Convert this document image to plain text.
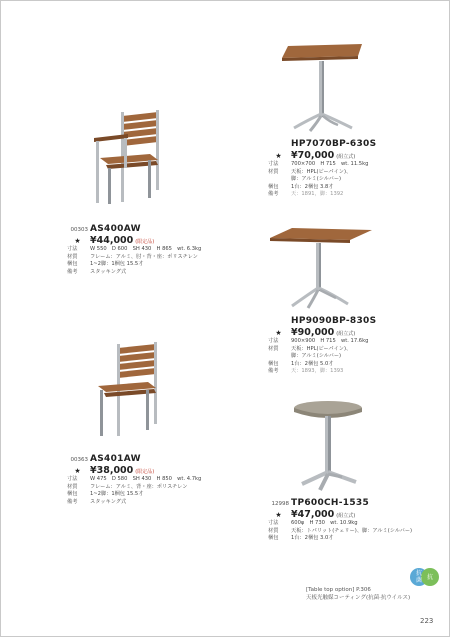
HP7070BP-630S
★ ¥70,000 (組立式)
寸法	700×700　H 715　wt. 11.5kg
材質	天板：HPL(ビーパイン)、
脚：アルミ(シルバー)
梱包	1台：2梱包 3.8才
備考	天：1891，脚：1392
00303 AS400AW
★ ¥44,000 (限定品)
寸法	W 550　D 600　SH 430　H 865　wt. 6.3kg
材質	フレーム：アルミ、肘・背・座：ポリスチレン
梱包	1~2脚：1梱包 15.5才
備考	スタッキング式
HP9090BP-830S
★ ¥90,000 (組立式)
寸法	900×900　H 715　wt. 17.6kg
材質	天板：HPL(ビーパイン)、
脚：アルミ(シルバー)
梱包	1台：2梱包 5.0才
備考	天：1893，脚：1393
00363 AS401AW
★ ¥38,000 (限定品)
寸法	W 475　D 580　SH 430　H 850　wt. 4.7kg
材質	フレーム：アルミ、背・座：ポリスチレン
梱包	1~2脚：1梱包 15.5才
備考	スタッキング式	12998 TP600CH-1535
★ ¥47,000 (組立式)
寸法	600φ　H 730　wt. 10.9kg
材質	天板：トパリット(チェリー)、脚：アルミ(シルバー)
梱包	1台：2梱包 3.0才
抗
菌 抗
[Table top option] P.306
天板光触媒コーティング(抗菌·抗ウイルス)
223
